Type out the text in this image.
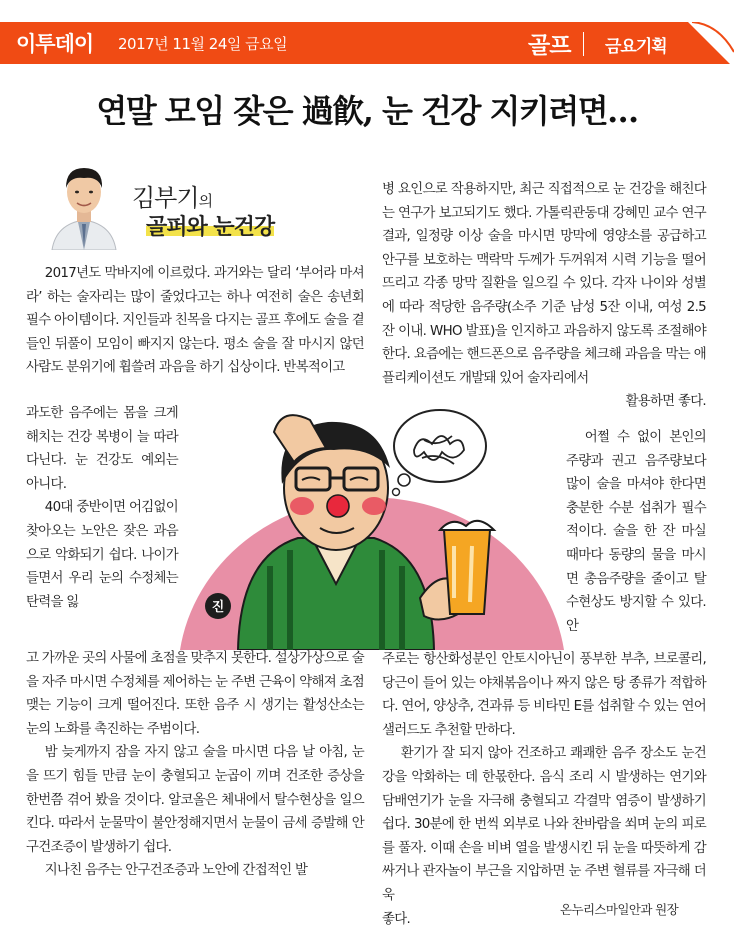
이투데이 2017년 11월 24일 금요일	골프 금요기획
연말 모임 잦은 過飮, 눈 건강 지키려면…
김부기의
골퍼와 눈건강

2017년도 막바지에 이르렀다. 과거와는 달리 ‘부어라 마셔라’ 하는 술자리는 많이 줄었다고는 하나 여전히 술은 송년회 필수 아이템이다. 지인들과 친목을 다지는 골프 후에도 술을 곁들인 뒤풀이 모임이 빠지지 않는다. 평소 술을 잘 마시지 않던 사람도 분위기에 휩쓸려 과음을 하기 십상이다. 반복적이고

과도한 음주에는 몸을 크게 해치는 건강 복병이 늘 따라다닌다. 눈 건강도 예외는 아니다.

40대 중반이면 어김없이 찾아오는 노안은 잦은 과음으로 악화되기 쉽다. 나이가 들면서 우리 눈의 수정체는 탄력을 잃

고 가까운 곳의 사물에 초점을 맞추지 못한다. 설상가상으로 술을 자주 마시면 수정체를 제어하는 눈 주변 근육이 약해져 초점 맺는 기능이 크게 떨어진다. 또한 음주 시 생기는 활성산소는 눈의 노화를 촉진하는 주범이다.

밤 늦게까지 잠을 자지 않고 술을 마시면 다음 날 아침, 눈을 뜨기 힘들 만큼 눈이 충혈되고 눈곱이 끼며 건조한 증상을 한번쯤 겪어 봤을 것이다. 알코올은 체내에서 탈수현상을 일으킨다. 따라서 눈물막이 불안정해지면서 눈물이 금세 증발해 안구건조증이 발생하기 쉽다.

지나친 음주는 안구건조증과 노안에 간접적인 발

병 요인으로 작용하지만, 최근 직접적으로 눈 건강을 해친다는 연구가 보고되기도 했다. 가톨릭관동대 강혜민 교수 연구 결과, 일정량 이상 술을 마시면 망막에 영양소를 공급하고 안구를 보호하는 맥락막 두께가 두꺼워져 시력 기능을 떨어뜨리고 각종 망막 질환을 일으킬 수 있다. 각자 나이와 성별에 따라 적당한 음주량(소주 기준 남성 5잔 이내, 여성 2.5잔 이내. WHO 발표)을 인지하고 과음하지 않도록 조절해야 한다. 요즘에는 핸드폰으로 음주량을 체크해 과음을 막는 애플리케이션도 개발돼 있어 술자리에서

활용하면 좋다.

어쩔 수 없이 본인의 주량과 권고 음주량보다 많이 술을 마셔야 한다면 충분한 수분 섭취가 필수적이다. 술을 한 잔 마실 때마다 동량의 물을 마시면 총음주량을 줄이고 탈수현상도 방지할 수 있다. 안

주로는 항산화성분인 안토시아닌이 풍부한 부추, 브로콜리, 당근이 들어 있는 야채볶음이나 짜지 않은 탕 종류가 적합하다. 연어, 양상추, 견과류 등 비타민 E를 섭취할 수 있는 연어샐러드도 추천할 만하다.

환기가 잘 되지 않아 건조하고 쾌쾌한 음주 장소도 눈건강을 악화하는 데 한몫한다. 음식 조리 시 발생하는 연기와 담배연기가 눈을 자극해 충혈되고 각결막 염증이 발생하기 쉽다. 30분에 한 번씩 외부로 나와 찬바람을 쐬며 눈의 피로를 풀자. 이때 손을 비벼 열을 발생시킨 뒤 눈을 따뜻하게 감싸거나 관자놀이 부근을 지압하면 눈 주변 혈류를 자극해 더욱

좋다.

온누리스마일안과 원장
진
